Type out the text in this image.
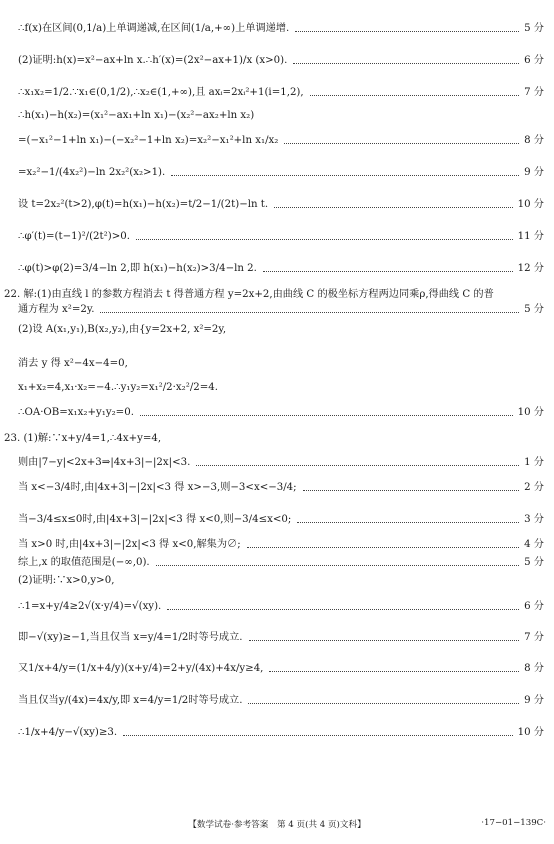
∴f(x)在区间(0,1/a)上单调递减,在区间(1/a,+∞)上单调递增.	5 分
(2)证明:h(x)=x²−ax+ln x.∴h′(x)=(2x²−ax+1)/x (x>0).	6 分
∴x₁x₂=1/2.∵x₁∈(0,1/2),∴x₂∈(1,+∞),且 axᵢ=2xᵢ²+1(i=1,2),	7 分
∴h(x₁)−h(x₂)=(x₁²−ax₁+ln x₁)−(x₂²−ax₂+ln x₂)
=(−x₁²−1+ln x₁)−(−x₂²−1+ln x₂)=x₂²−x₁²+ln x₁/x₂	8 分
=x₂²−1/(4x₂²)−ln 2x₂²(x₂>1).	9 分
设 t=2x₂²(t>2),φ(t)=h(x₁)−h(x₂)=t/2−1/(2t)−ln t.	10 分
∴φ′(t)=(t−1)²/(2t²)>0.	11 分
∴φ(t)>φ(2)=3/4−ln 2,即 h(x₁)−h(x₂)>3/4−ln 2.	12 分
22. 解:(1)由直线 l 的参数方程消去 t 得普通方程 y=2x+2,由曲线 C 的极坐标方程两边同乘ρ,得曲线 C 的普
通方程为 x²=2y.	5 分
(2)设 A(x₁,y₁),B(x₂,y₂),由{y=2x+2, x²=2y,
消去 y 得 x²−4x−4=0,
x₁+x₂=4,x₁·x₂=−4.∴y₁y₂=x₁²/2·x₂²/2=4.
∴OA·OB=x₁x₂+y₁y₂=0.	10 分
23. (1)解:∵x+y/4=1,∴4x+y=4,
则由|7−y|<2x+3⇒|4x+3|−|2x|<3.	1 分
当 x<−3/4时,由|4x+3|−|2x|<3 得 x>−3,则−3<x<−3/4;	2 分
当−3/4≤x≤0时,由|4x+3|−|2x|<3 得 x<0,则−3/4≤x<0;	3 分
当 x>0 时,由|4x+3|−|2x|<3 得 x<0,解集为∅;	4 分
综上,x 的取值范围是(−∞,0).	5 分
(2)证明:∵x>0,y>0,
∴1=x+y/4≥2√(x·y/4)=√(xy).	6 分
即−√(xy)≥−1,当且仅当 x=y/4=1/2时等号成立.	7 分
又1/x+4/y=(1/x+4/y)(x+y/4)=2+y/(4x)+4x/y≥4,	8 分
当且仅当y/(4x)=4x/y,即 x=4/y=1/2时等号成立.	9 分
∴1/x+4/y−√(xy)≥3.	10 分
【数学试卷·参考答案　第 4 页(共 4 页)文科】	·17−01−139C·
